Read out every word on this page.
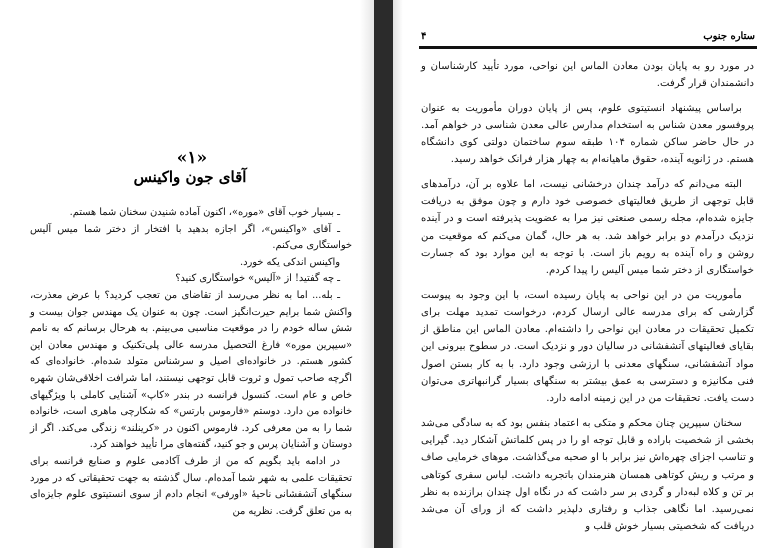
«۱»
آقای جون واکینس

ـ بسیار خوب آقای «موره»، اکنون آماده شنیدن سخنان شما هستم.

ـ آقای «واکینس»، اگر اجازه بدهید با افتخار از دختر شما میس آلیس خواستگاری می‌کنم.

واکینس اندکی یکه خورد.

ـ چه گفتید! از «آلیس» خواستگاری کنید؟

ـ بله... اما به نظر می‌رسد از تقاضای من تعجب کردید؟ با عرض معذرت، واکنش شما برایم حیرت‌انگیز است. چون به عنوان یک مهندس جوان بیست و شش ساله خودم را در موقعیت مناسبی می‌بینم. به هرحال برسانم که به نامم «سیپرین موره» فارغ التحصیل مدرسه عالی پلی‌تکنیک و مهندس معادن این کشور هستم. در خانواده‌ای اصیل و سرشناس متولد شده‌ام. خانواده‌ای که اگرچه صاحب تمول و ثروت قابل توجهی نیستند، اما شرافت اخلاقی‌شان شهره خاص و عام است. کنسول فرانسه در بندر «کاپ» آشنایی کاملی با ویژگیهای خانواده من دارد. دوستم «فارموس بارتس» که شکارچی ماهری است، خانواده شما را به من معرفی کرد. فارموس اکنون در «کرینلند» زندگی می‌کند. اگر از دوستان و آشنایان پرس و جو کنید، گفته‌های مرا تأیید خواهند کرد.

در ادامه باید بگویم که من از طرف آکادمی علوم و صنایع فرانسه برای تحقیقات علمی به شهر شما آمده‌ام. سال گذشته به جهت تحقیقاتی که در مورد سنگهای آتشفشانی ناحیهٔ «اورفی» انجام دادم از سوی انستیتوی علوم جایزه‌ای به من تعلق گرفت. نظریه من

ستاره جنوب
۴

در مورد رو به پایان بودن معادن الماس این نواحی، مورد تأیید کارشناسان و دانشمندان قرار گرفت.

براساس پیشنهاد انستیتوی علوم، پس از پایان دوران مأموریت به عنوان پروفسور معدن شناس به استخدام مدارس عالی معدن شناسی در خواهم آمد. در حال حاضر ساکن شماره ۱۰۴ طبقه سوم ساختمان دولتی کوی دانشگاه هستم. در ژانویه آینده، حقوق ماهیانه‌ام به چهار هزار فرانک خواهد رسید.

البته می‌دانم که درآمد چندان درخشانی نیست، اما علاوه بر آن، درآمدهای قابل توجهی از طریق فعالیتهای خصوصی خود دارم و چون موفق به دریافت جایزه شده‌ام، مجله رسمی صنعتی نیز مرا به عضویت پذیرفته است و در آینده نزدیک درآمدم دو برابر خواهد شد. به هر حال، گمان می‌کنم که موقعیت من روشن و راه آینده به رویم باز است. با توجه به این موارد بود که جسارت خواستگاری از دختر شما میس آلیس را پیدا کردم.

مأموریت من در این نواحی به پایان رسیده است، با این وجود به پیوست گزارشی که برای مدرسه عالی ارسال کردم، درخواست تمدید مهلت برای تکمیل تحقیقات در معادن این نواحی را داشته‌ام. معادن الماس این مناطق از بقایای فعالیتهای آتشفشانی در سالیان دور و نزدیک است. در سطوح بیرونی این مواد آتشفشانی، سنگهای معدنی با ارزشی وجود دارد. با به کار بستن اصول فنی مکانیزه و دسترسی به عمق بیشتر به سنگهای بسیار گرانبهاتری می‌توان دست یافت. تحقیقات من در این زمینه ادامه دارد.

سخنان سیپرین چنان محکم و متکی به اعتماد بنفس بود که به سادگی می‌شد بخشی از شخصیت باراده و قابل توجه او را در پس کلماتش آشکار دید. گیرایی و تناسب اجزای چهره‌اش نیز برابر با او صحبه می‌گذاشت. موهای خرمایی صاف و مرتب و ریش کوتاهی همسان هنرمندان باتجربه داشت. لباس سفری کوتاهی بر تن و کلاه لبه‌دار و گردی بر سر داشت که در نگاه اول چندان برازنده به نظر نمی‌رسید. اما نگاهی جذاب و رفتاری دلپذیر داشت که از ورای آن می‌شد دریافت که شخصیتی بسیار خوش قلب و
